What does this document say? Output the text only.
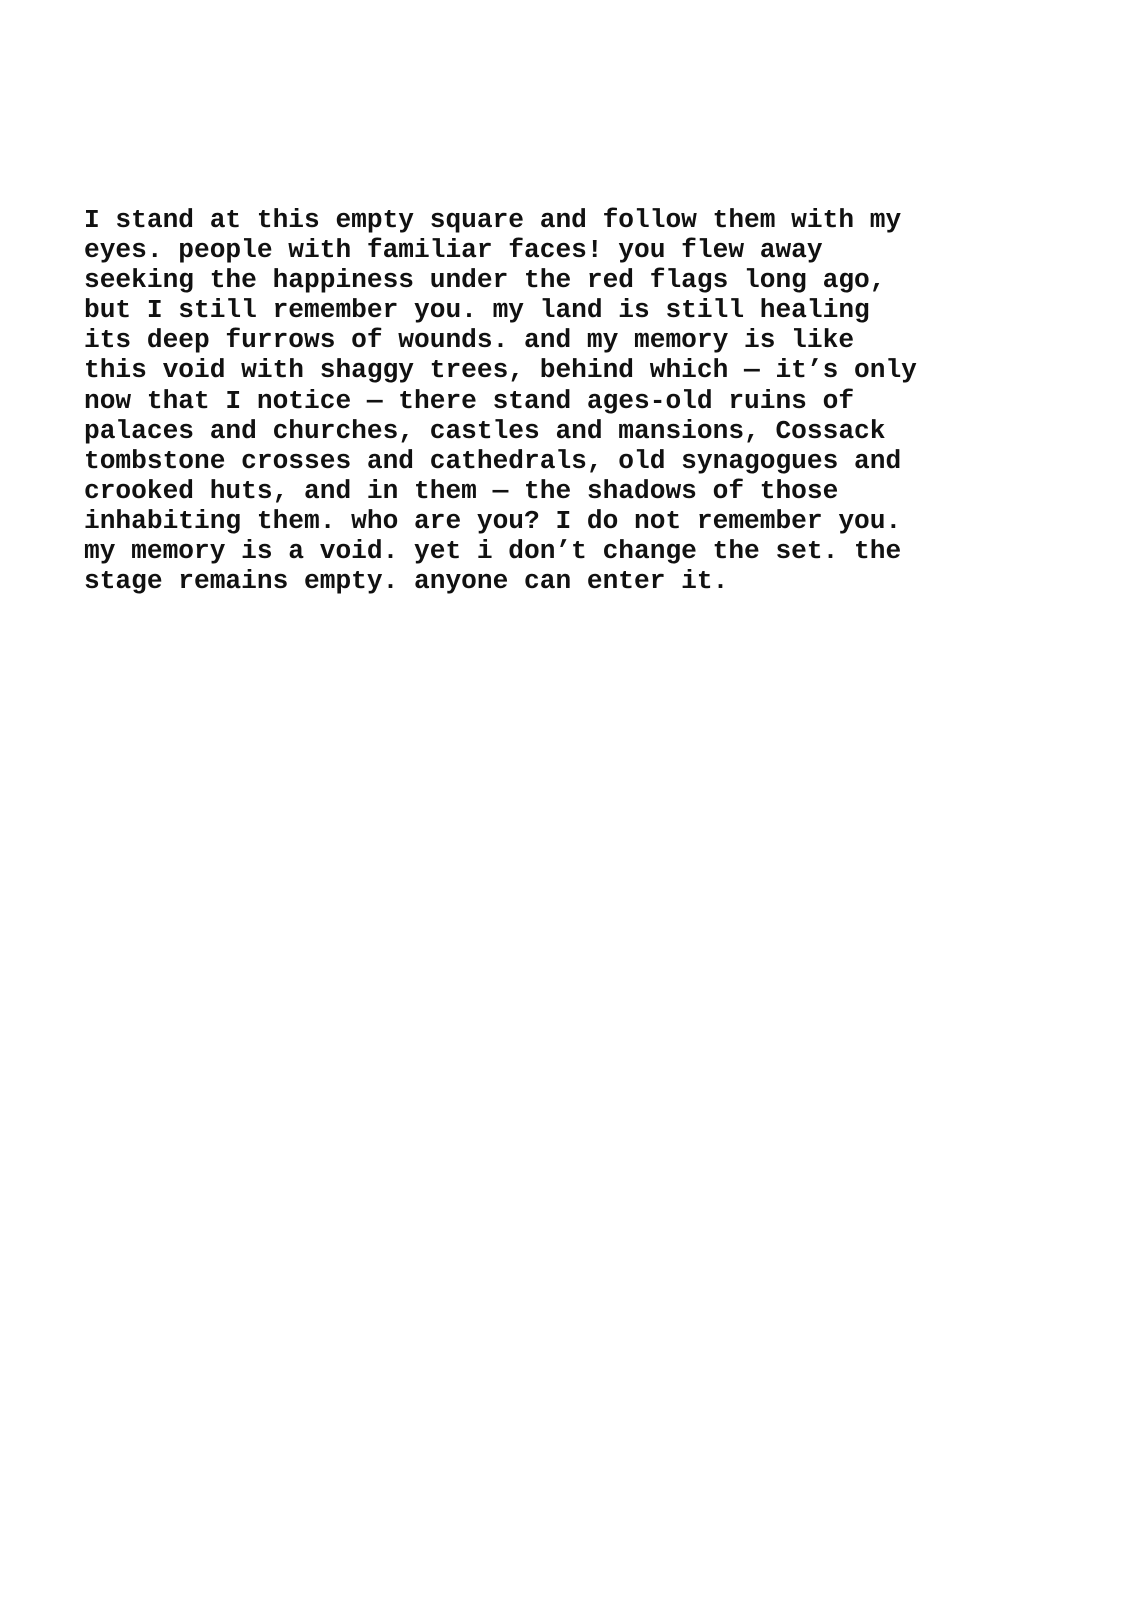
I stand at this empty square and follow them with my
eyes. people with familiar faces! you flew away
seeking the happiness under the red flags long ago,
but I still remember you. my land is still healing
its deep furrows of wounds. and my memory is like
this void with shaggy trees, behind which — it’s only
now that I notice — there stand ages-old ruins of
palaces and churches, castles and mansions, Cossack
tombstone crosses and cathedrals, old synagogues and
crooked huts, and in them — the shadows of those
inhabiting them. who are you? I do not remember you.
my memory is a void. yet i don’t change the set. the
stage remains empty. anyone can enter it.
